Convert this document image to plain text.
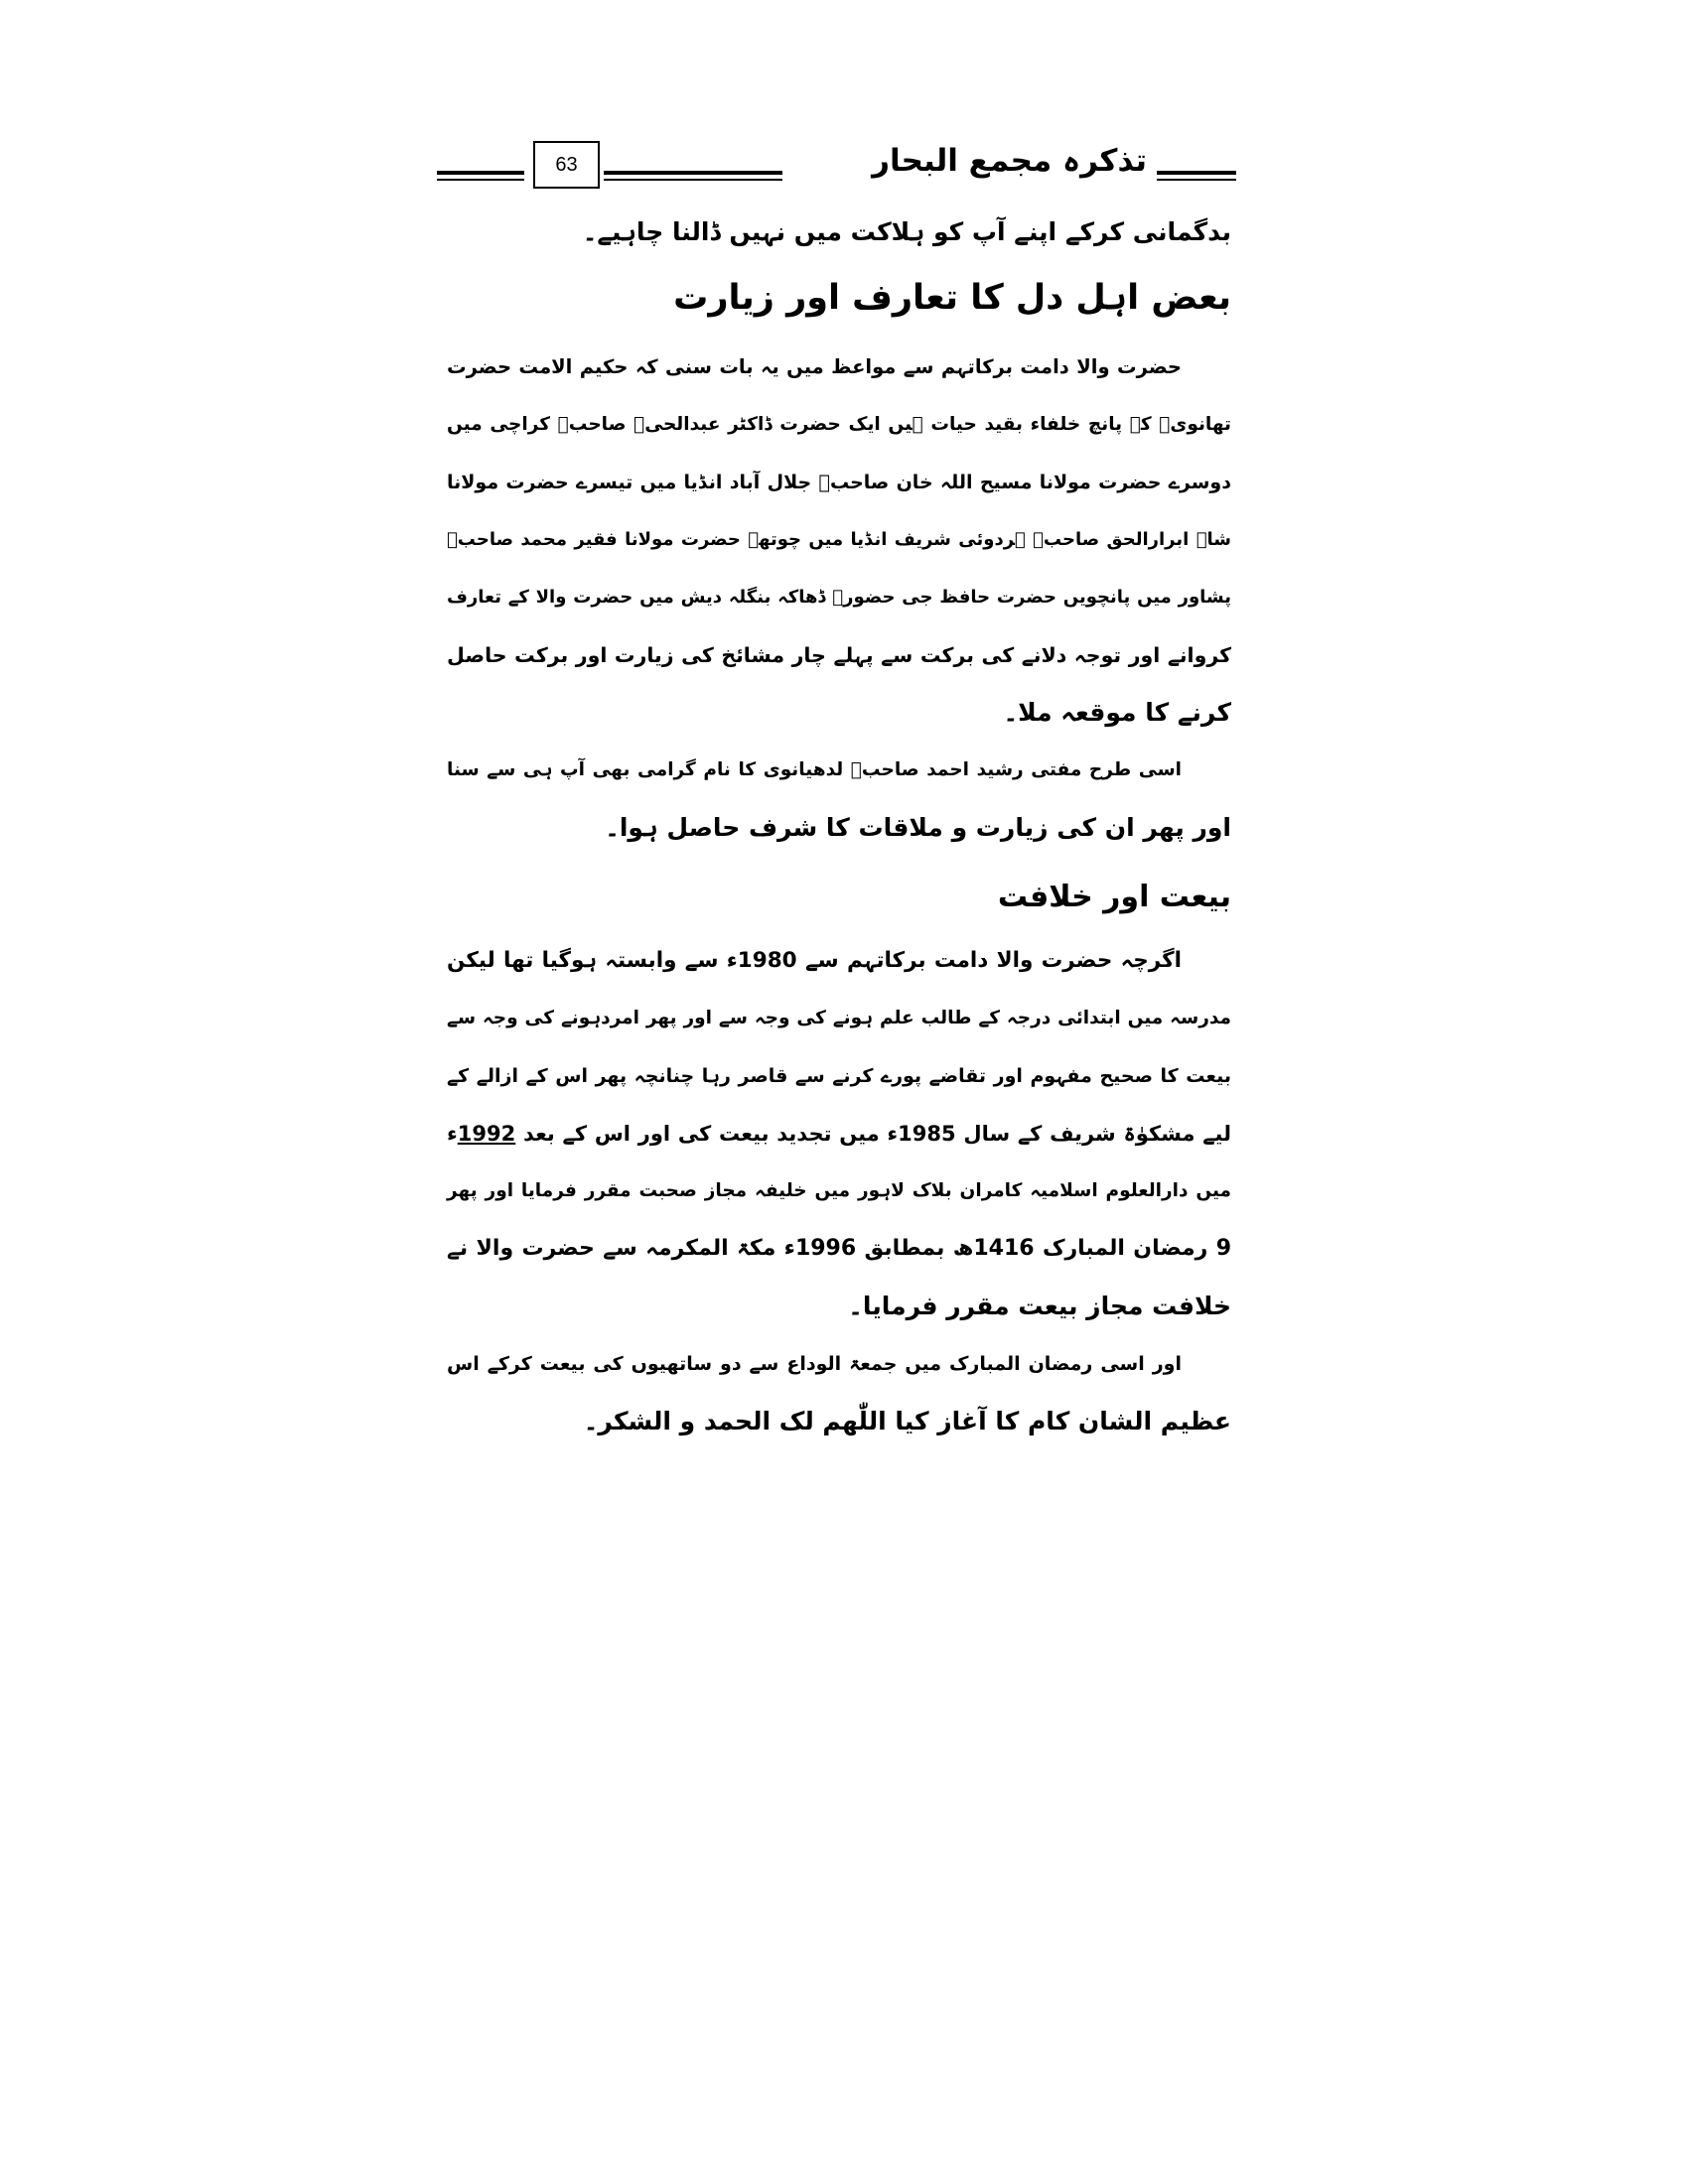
63	تذکرہ مجمع البحار
بدگمانی کرکے اپنے آپ کو ہلاکت میں نہیں ڈالنا چاہیے۔
بعض اہل دل کا تعارف اور زیارت
حضرت والا دامت برکاتہم سے مواعظ میں یہ بات سنی کہ حکیم الامت حضرت
تھانویؒ کے پانچ خلفاء بقید حیات ہیں ایک حضرت ڈاکٹر عبدالحیؒ صاحبؒ کراچی میں
دوسرے حضرت مولانا مسیح اللہ خان صاحبؒ جلال آباد انڈیا میں تیسرے حضرت مولانا
شاہ ابرارالحق صاحبؒ ہردوئی شریف انڈیا میں چوتھے حضرت مولانا فقیر محمد صاحبؒ
پشاور میں پانچویں حضرت حافظ جی حضورؒ ڈھاکہ بنگلہ دیش میں حضرت والا کے تعارف
کروانے اور توجہ دلانے کی برکت سے پہلے چار مشائخ کی زیارت اور برکت حاصل
کرنے کا موقعہ ملا۔
اسی طرح مفتی رشید احمد صاحبؒ لدھیانوی کا نام گرامی بھی آپ ہی سے سنا
اور پھر ان کی زیارت و ملاقات کا شرف حاصل ہوا۔
بیعت اور خلافت
اگرچہ حضرت والا دامت برکاتہم سے 1980ء سے وابستہ ہوگیا تھا لیکن
مدرسہ میں ابتدائی درجہ کے طالب علم ہونے کی وجہ سے اور پھر امردہونے کی وجہ سے
بیعت کا صحیح مفہوم اور تقاضے پورے کرنے سے قاصر رہا چنانچہ پھر اس کے ازالے کے
لیے مشکوٰۃ شریف کے سال 1985ء میں تجدید بیعت کی اور اس کے بعد 1992ء
میں دارالعلوم اسلامیہ کامران بلاک لاہور میں خلیفہ مجاز صحبت مقرر فرمایا اور پھر
9 رمضان المبارک 1416ھ بمطابق 1996ء مکۃ المکرمہ سے حضرت والا نے
خلافت مجاز بیعت مقرر فرمایا۔
اور اسی رمضان المبارک میں جمعۃ الوداع سے دو ساتھیوں کی بیعت کرکے اس
عظیم الشان کام کا آغاز کیا اللّٰھم لک الحمد و الشکر۔
